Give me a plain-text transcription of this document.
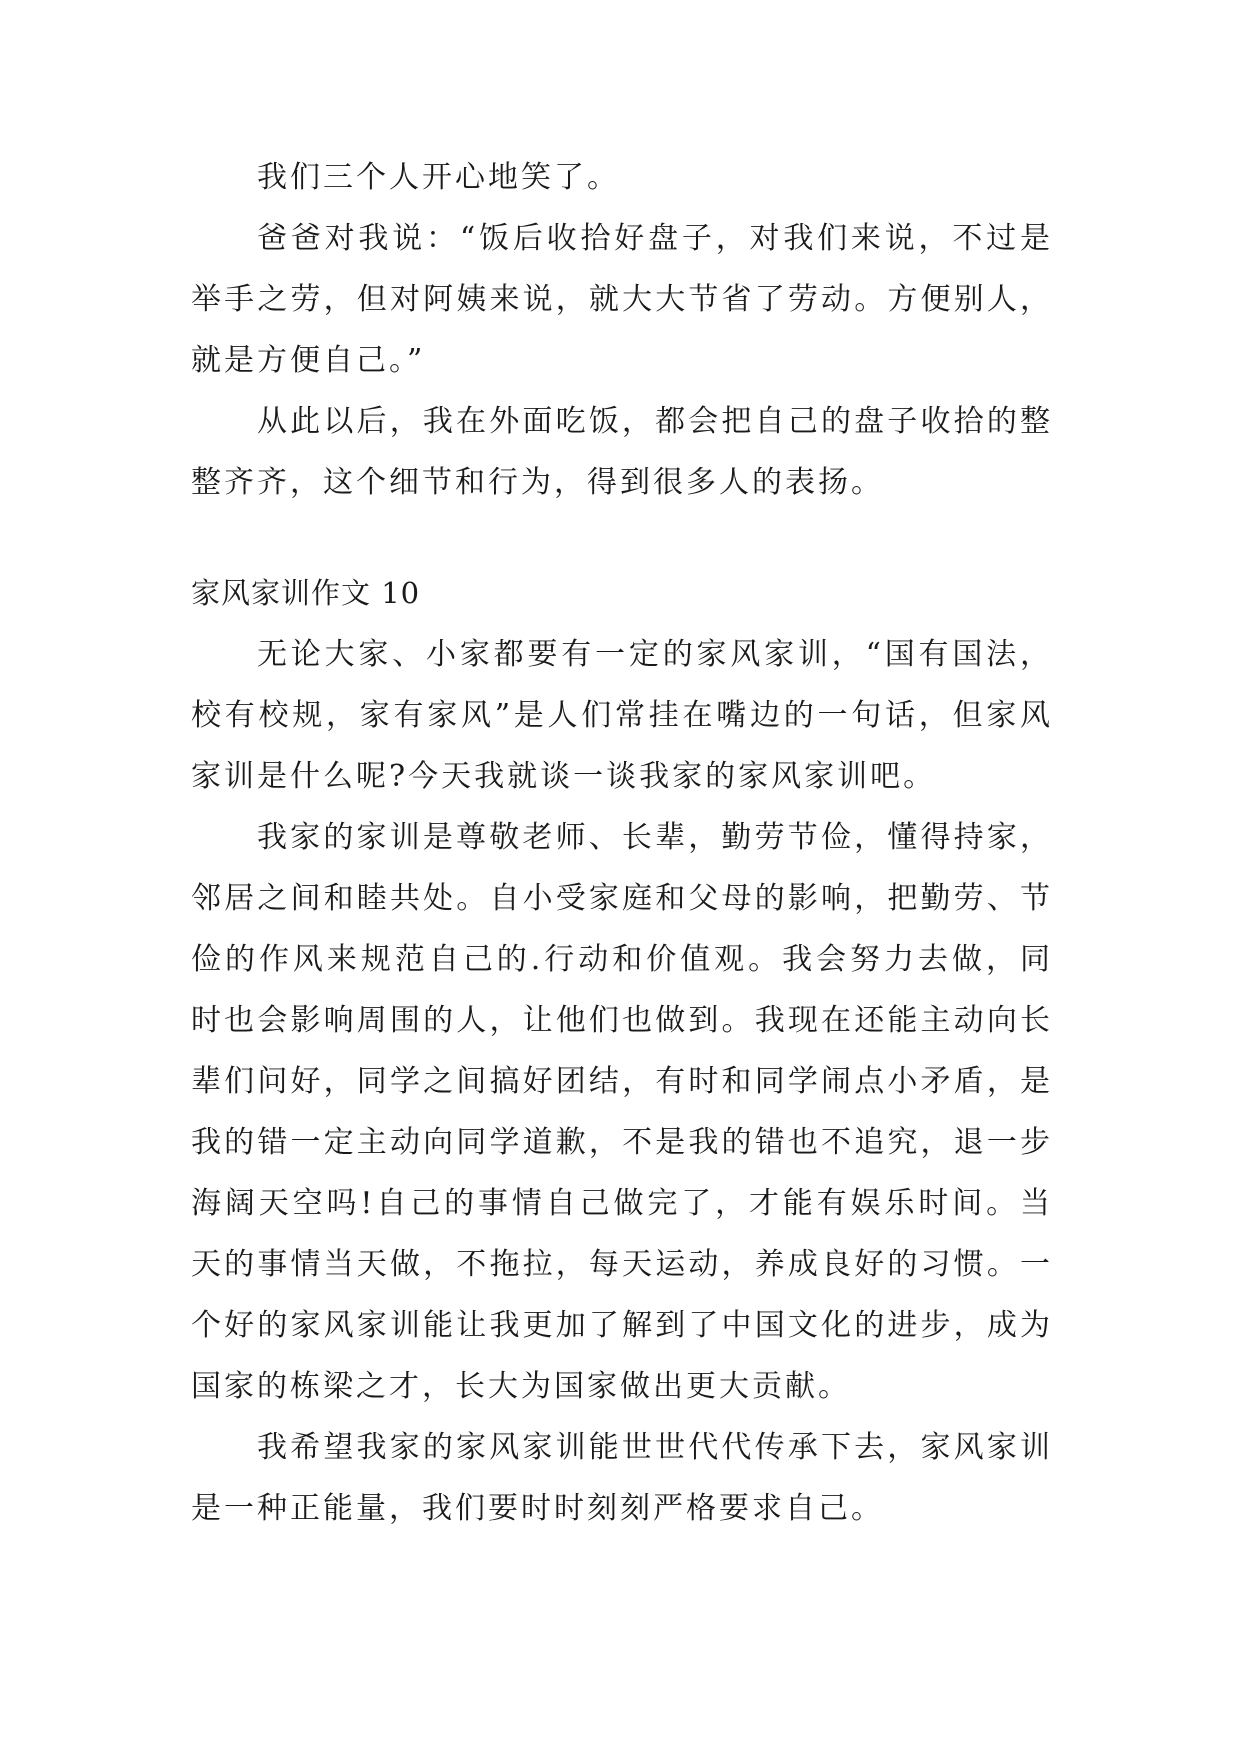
我们三个人开心地笑了。

爸爸对我说：“饭后收拾好盘子，对我们来说，不过是举手之劳，但对阿姨来说，就大大节省了劳动。方便别人，就是方便自己。”

从此以后，我在外面吃饭，都会把自己的盘子收拾的整整齐齐，这个细节和行为，得到很多人的表扬。

家风家训作文 10

无论大家、小家都要有一定的家风家训，“国有国法，校有校规，家有家风”是人们常挂在嘴边的一句话，但家风家训是什么呢?今天我就谈一谈我家的家风家训吧。

我家的家训是尊敬老师、长辈，勤劳节俭，懂得持家，邻居之间和睦共处。自小受家庭和父母的影响，把勤劳、节俭的作风来规范自己的.行动和价值观。我会努力去做，同时也会影响周围的人，让他们也做到。我现在还能主动向长辈们问好，同学之间搞好团结，有时和同学闹点小矛盾，是我的错一定主动向同学道歉，不是我的错也不追究，退一步海阔天空吗!自己的事情自己做完了，才能有娱乐时间。当天的事情当天做，不拖拉，每天运动，养成良好的习惯。一个好的家风家训能让我更加了解到了中国文化的进步，成为国家的栋梁之才，长大为国家做出更大贡献。

我希望我家的家风家训能世世代代传承下去，家风家训是一种正能量，我们要时时刻刻严格要求自己。
